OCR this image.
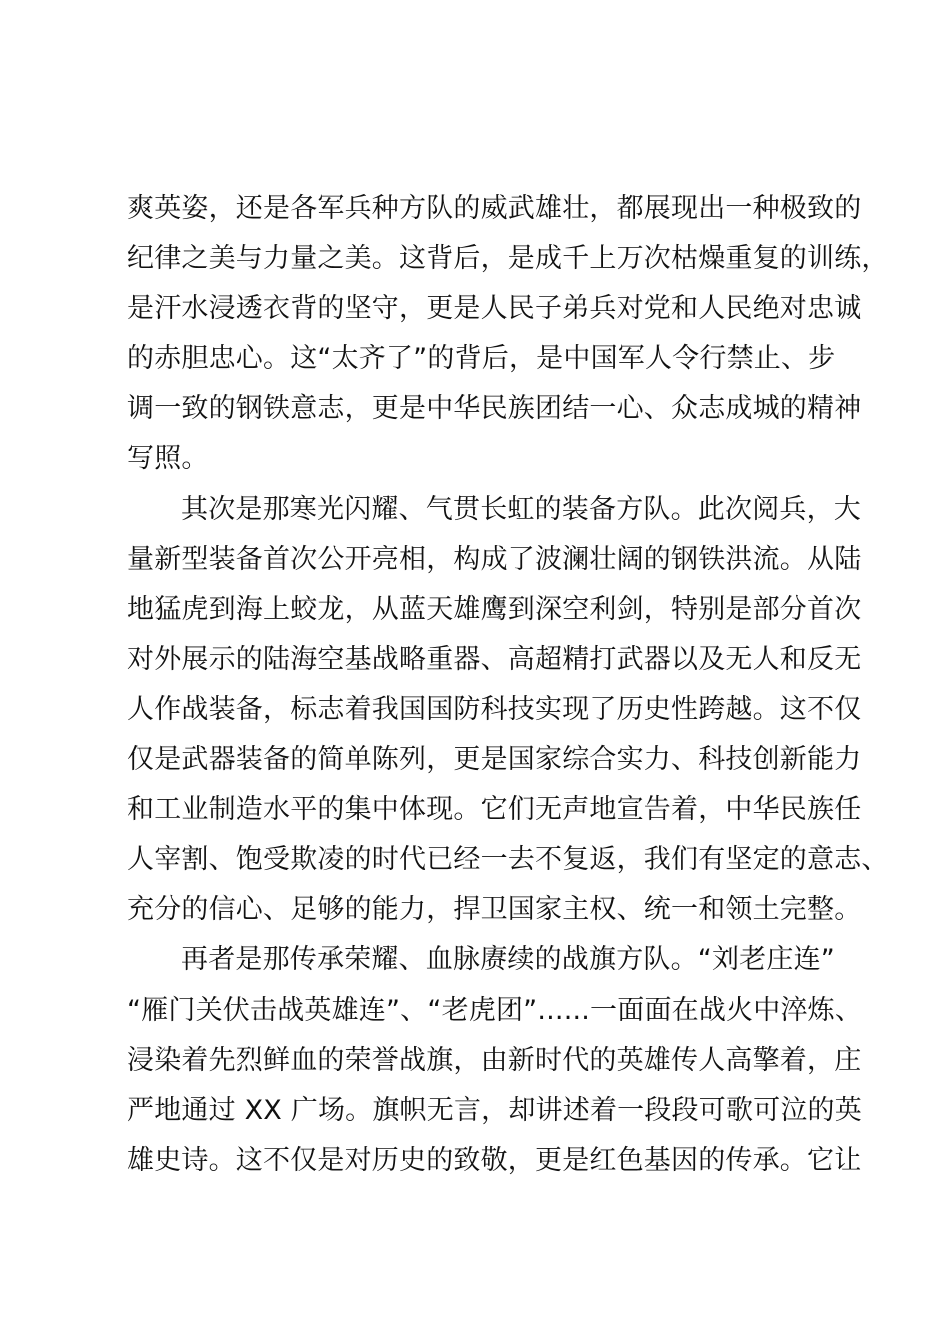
爽英姿，还是各军兵种方队的威武雄壮，都展现出一种极致的
纪律之美与力量之美。这背后，是成千上万次枯燥重复的训练，
是汗水浸透衣背的坚守，更是人民子弟兵对党和人民绝对忠诚
的赤胆忠心。这“太齐了”的背后，是中国军人令行禁止、步
调一致的钢铁意志，更是中华民族团结一心、众志成城的精神
写照。
其次是那寒光闪耀、气贯长虹的装备方队。此次阅兵，大
量新型装备首次公开亮相，构成了波澜壮阔的钢铁洪流。从陆
地猛虎到海上蛟龙，从蓝天雄鹰到深空利剑，特别是部分首次
对外展示的陆海空基战略重器、高超精打武器以及无人和反无
人作战装备，标志着我国国防科技实现了历史性跨越。这不仅
仅是武器装备的简单陈列，更是国家综合实力、科技创新能力
和工业制造水平的集中体现。它们无声地宣告着，中华民族任
人宰割、饱受欺凌的时代已经一去不复返，我们有坚定的意志、
充分的信心、足够的能力，捍卫国家主权、统一和领土完整。
再者是那传承荣耀、血脉赓续的战旗方队。“刘老庄连”
“雁门关伏击战英雄连”、“老虎团”......一面面在战火中淬炼、
浸染着先烈鲜血的荣誉战旗，由新时代的英雄传人高擎着，庄
严地通过 XX 广场。旗帜无言，却讲述着一段段可歌可泣的英
雄史诗。这不仅是对历史的致敬，更是红色基因的传承。它让
